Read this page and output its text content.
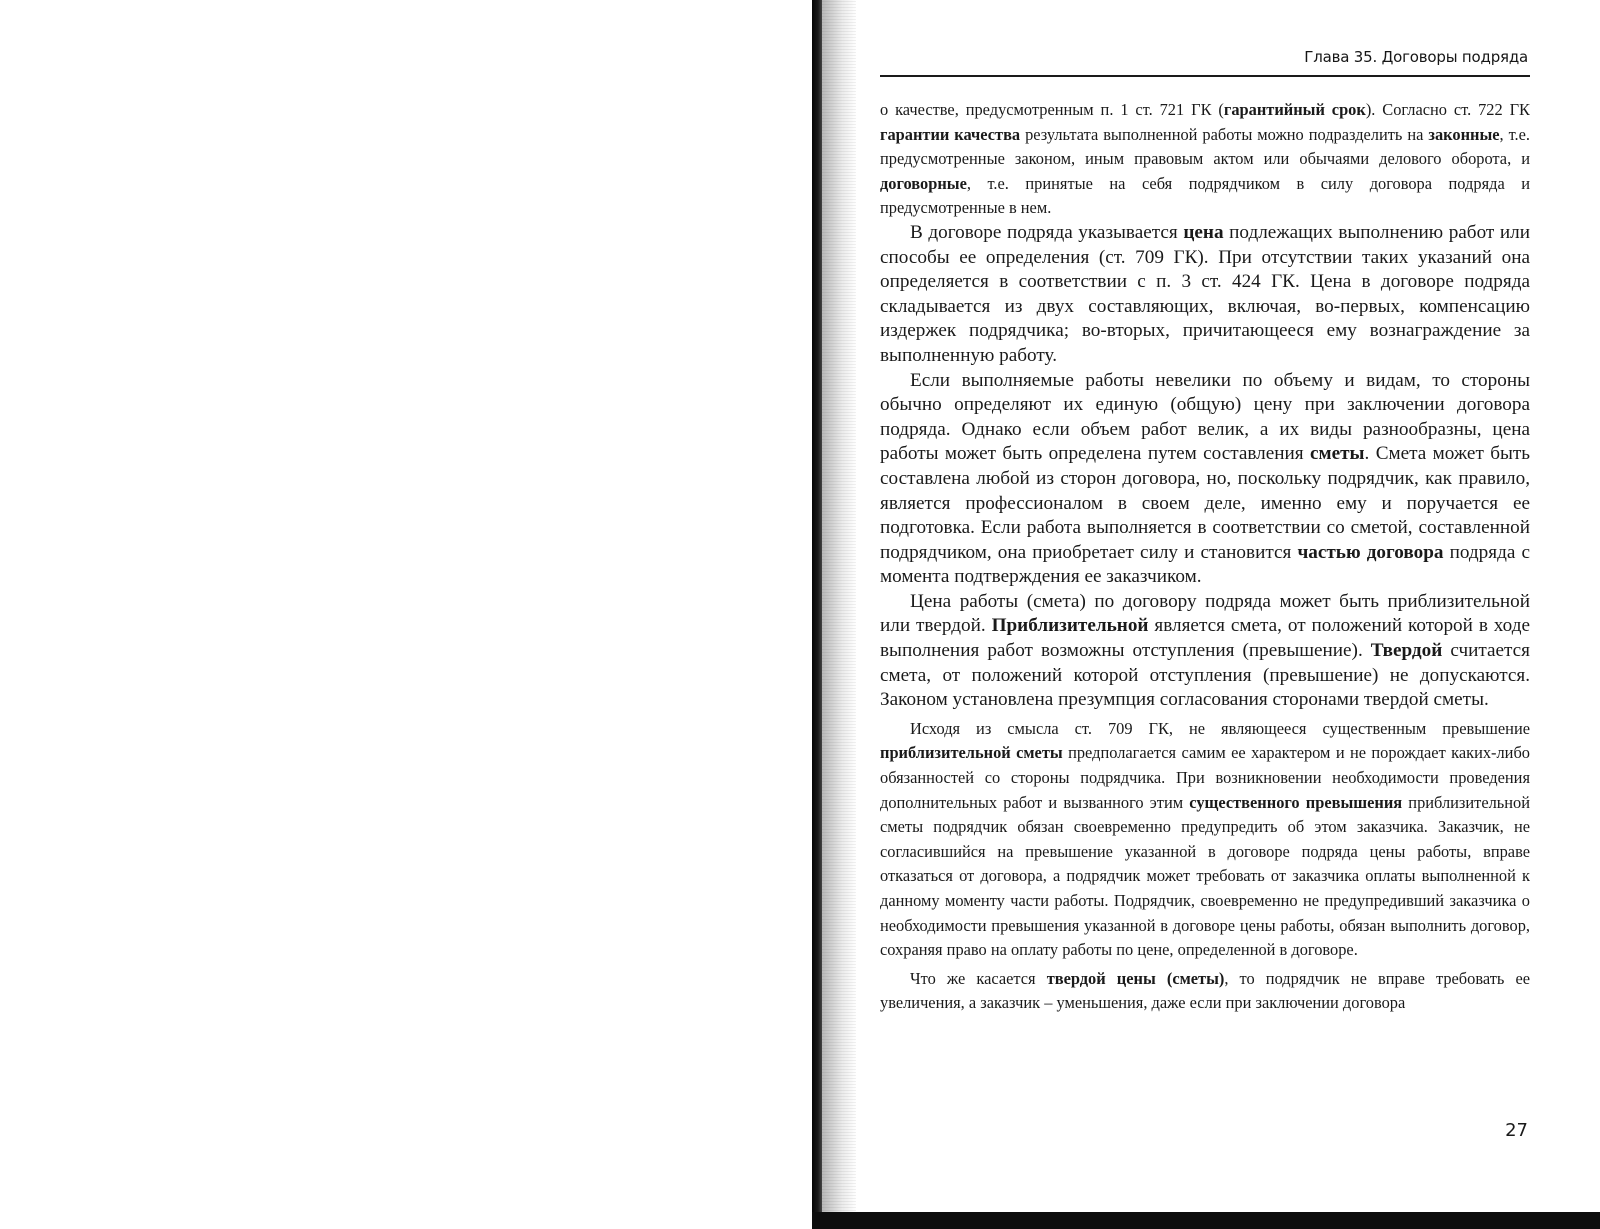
Глава 35. Договоры подряда

о качестве, предусмотренным п. 1 ст. 721 ГК (гарантийный срок). Согласно ст. 722 ГК гарантии качества результата выполненной работы можно подразделить на законные, т.е. предусмотренные законом, иным правовым актом или обычаями делового оборота, и договорные, т.е. принятые на себя подрядчиком в силу договора подряда и предусмотренные в нем.

В договоре подряда указывается цена подлежащих выполнению работ или способы ее определения (ст. 709 ГК). При отсутствии таких указаний она определяется в соответствии с п. 3 ст. 424 ГК. Цена в договоре подряда складывается из двух составляющих, включая, во-первых, компенсацию издержек подрядчика; во-вторых, причитающееся ему вознаграждение за выполненную работу.

Если выполняемые работы невелики по объему и видам, то стороны обычно определяют их единую (общую) цену при заключении договора подряда. Однако если объем работ велик, а их виды разнообразны, цена работы может быть определена путем составления сметы. Смета может быть составлена любой из сторон договора, но, поскольку подрядчик, как правило, является профессионалом в своем деле, именно ему и поручается ее подготовка. Если работа выполняется в соответствии со сметой, составленной подрядчиком, она приобретает силу и становится частью договора подряда с момента подтверждения ее заказчиком.

Цена работы (смета) по договору подряда может быть приблизительной или твердой. Приблизительной является смета, от положений которой в ходе выполнения работ возможны отступления (превышение). Твердой считается смета, от положений которой отступления (превышение) не допускаются. Законом установлена презумпция согласования сторонами твердой сметы.

Исходя из смысла ст. 709 ГК, не являющееся существенным превышение приблизительной сметы предполагается самим ее характером и не порождает каких-либо обязанностей со стороны подрядчика. При возникновении необходимости проведения дополнительных работ и вызванного этим существенного превышения приблизительной сметы подрядчик обязан своевременно предупредить об этом заказчика. Заказчик, не согласившийся на превышение указанной в договоре подряда цены работы, вправе отказаться от договора, а подрядчик может требовать от заказчика оплаты выполненной к данному моменту части работы. Подрядчик, своевременно не предупредивший заказчика о необходимости превышения указанной в договоре цены работы, обязан выполнить договор, сохраняя право на оплату работы по цене, определенной в договоре.

Что же касается твердой цены (сметы), то подрядчик не вправе требовать ее увеличения, а заказчик – уменьшения, даже если при заключении договора

27
